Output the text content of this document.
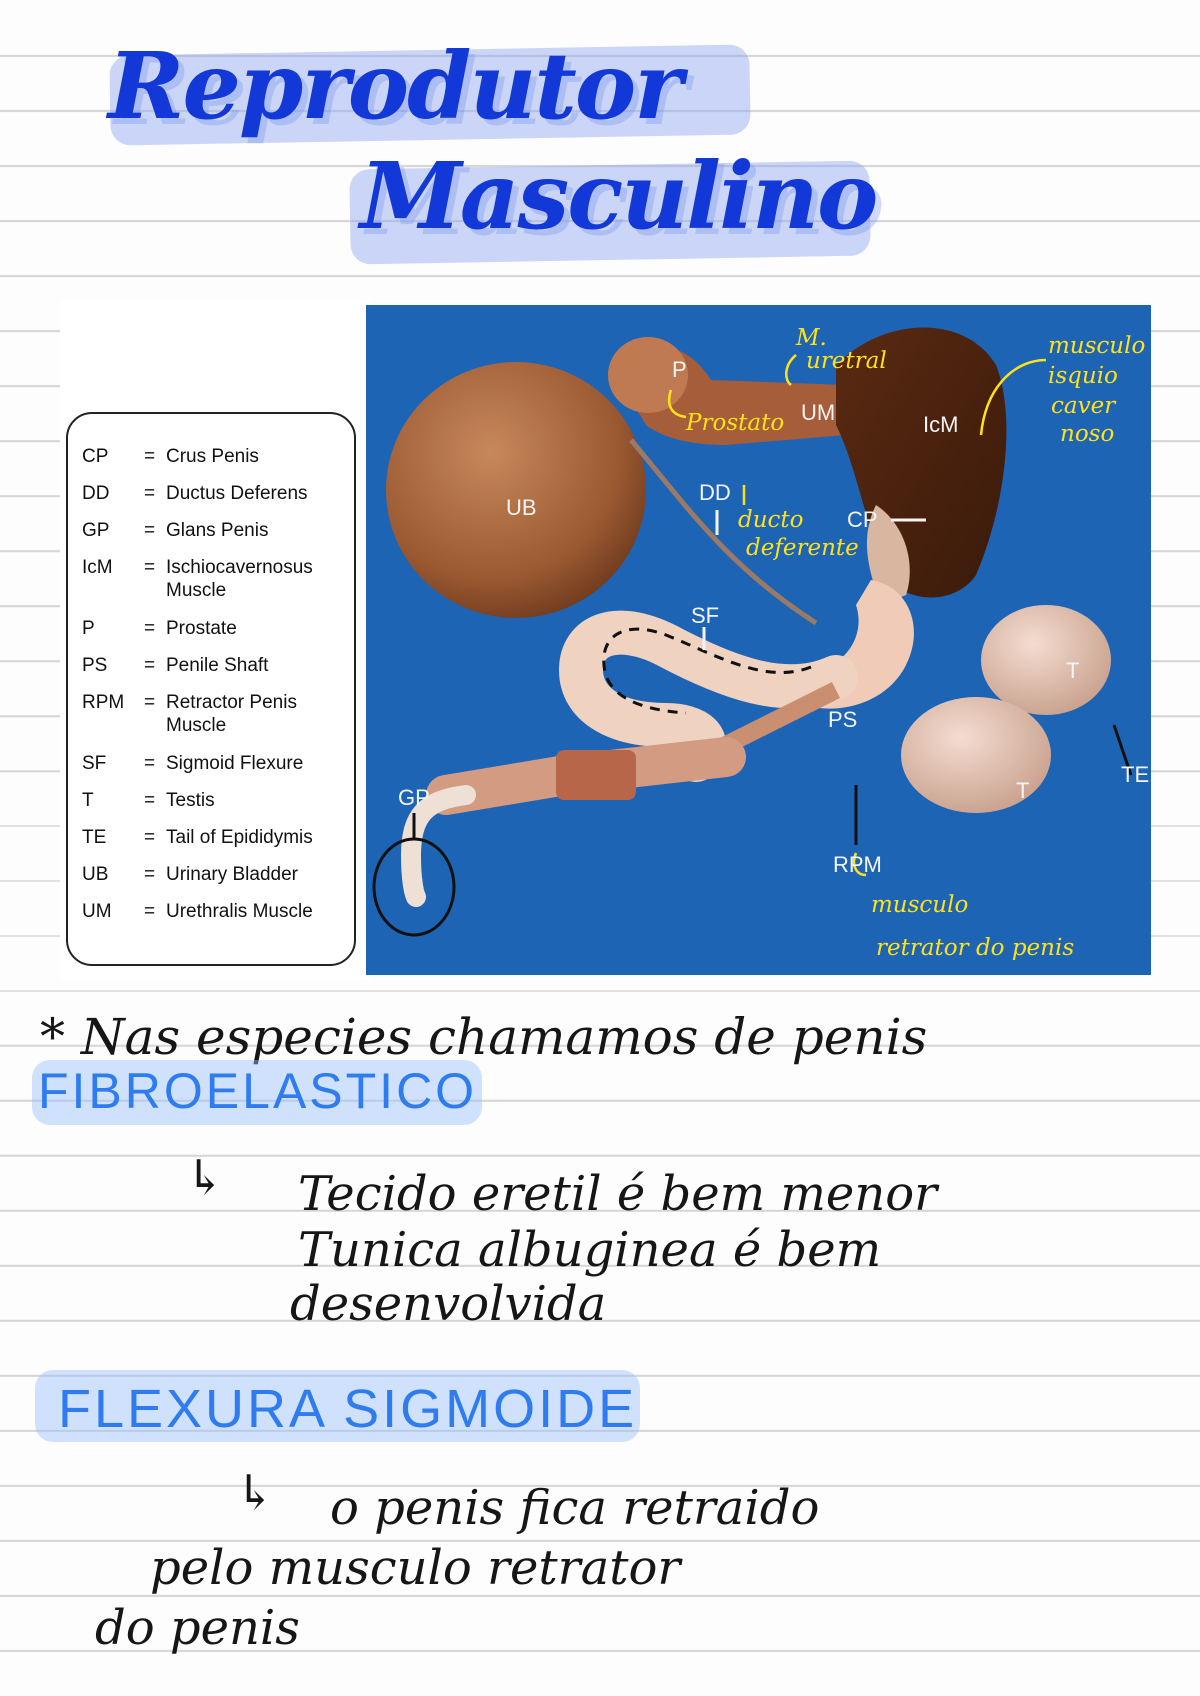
Reprodutor
Masculino
CP = Crus Penis
DD = Ductus Deferens
GP = Glans Penis
IcM = Ischiocavernosus Muscle
P	= Prostate
PS = Penile Shaft
RPM = Retractor Penis Muscle
SF = Sigmoid Flexure
T	= Testis
TE = Tail of Epididymis
UB = Urinary Bladder
UM = Urethralis Muscle
P
UM	IcM
UB
DD
CP
SF
PS
T
T
TE
GP
RPM
M.
uretral
Prostato
musculo
isquio
caver
noso
ducto
deferente
musculo
retrator do penis
* Nas especies chamamos de penis
FIBROELASTICO
↳ Tecido eretil é bem menor
Tunica albuginea é bem
desenvolvida
FLEXURA SIGMOIDE
↳ o penis fica retraido
pelo musculo retrator
do penis
